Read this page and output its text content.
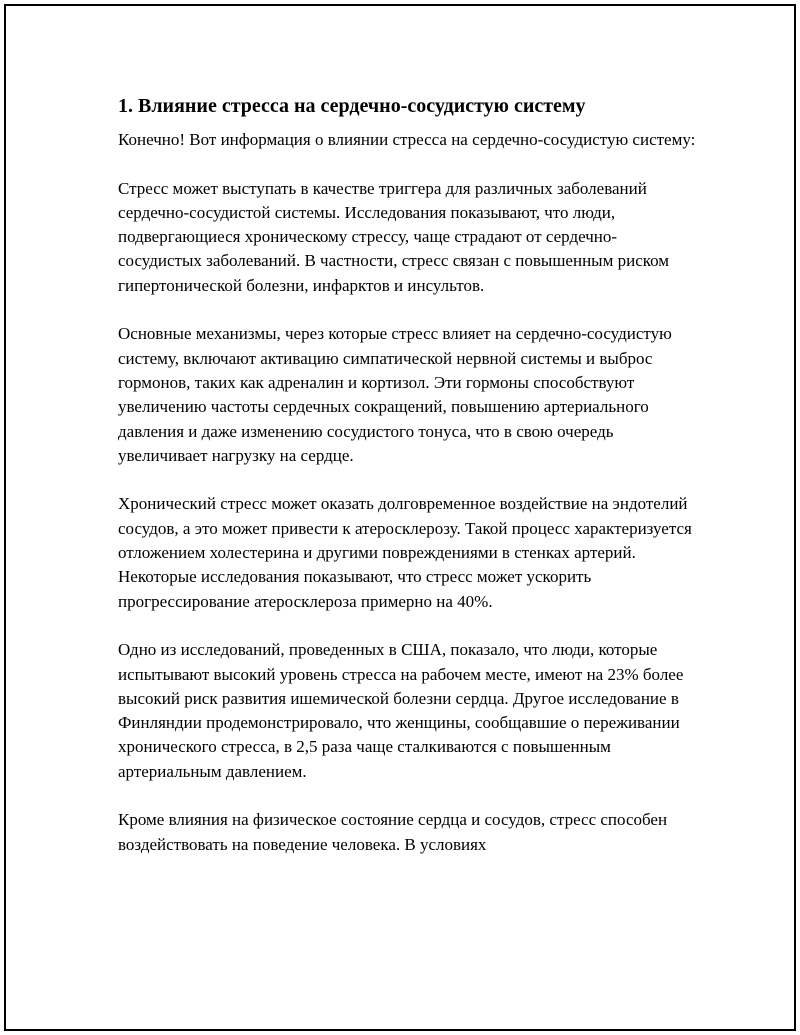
1. Влияние стресса на сердечно-сосудистую систему

Конечно! Вот информация о влиянии стресса на сердечно-сосудистую систему:

Стресс может выступать в качестве триггера для различных заболеваний сердечно-сосудистой системы. Исследования показывают, что люди, подвергающиеся хроническому стрессу, чаще страдают от сердечно-сосудистых заболеваний. В частности, стресс связан с повышенным риском гипертонической болезни, инфарктов и инсультов.

Основные механизмы, через которые стресс влияет на сердечно-сосудистую систему, включают активацию симпатической нервной системы и выброс гормонов, таких как адреналин и кортизол. Эти гормоны способствуют увеличению частоты сердечных сокращений, повышению артериального давления и даже изменению сосудистого тонуса, что в свою очередь увеличивает нагрузку на сердце.

Хронический стресс может оказать долговременное воздействие на эндотелий сосудов, а это может привести к атеросклерозу. Такой процесс характеризуется отложением холестерина и другими повреждениями в стенках артерий. Некоторые исследования показывают, что стресс может ускорить прогрессирование атеросклероза примерно на 40%.

Одно из исследований, проведенных в США, показало, что люди, которые испытывают высокий уровень стресса на рабочем месте, имеют на 23% более высокий риск развития ишемической болезни сердца. Другое исследование в Финляндии продемонстрировало, что женщины, сообщавшие о переживании хронического стресса, в 2,5 раза чаще сталкиваются с повышенным артериальным давлением.

Кроме влияния на физическое состояние сердца и сосудов, стресс способен воздействовать на поведение человека. В условиях
